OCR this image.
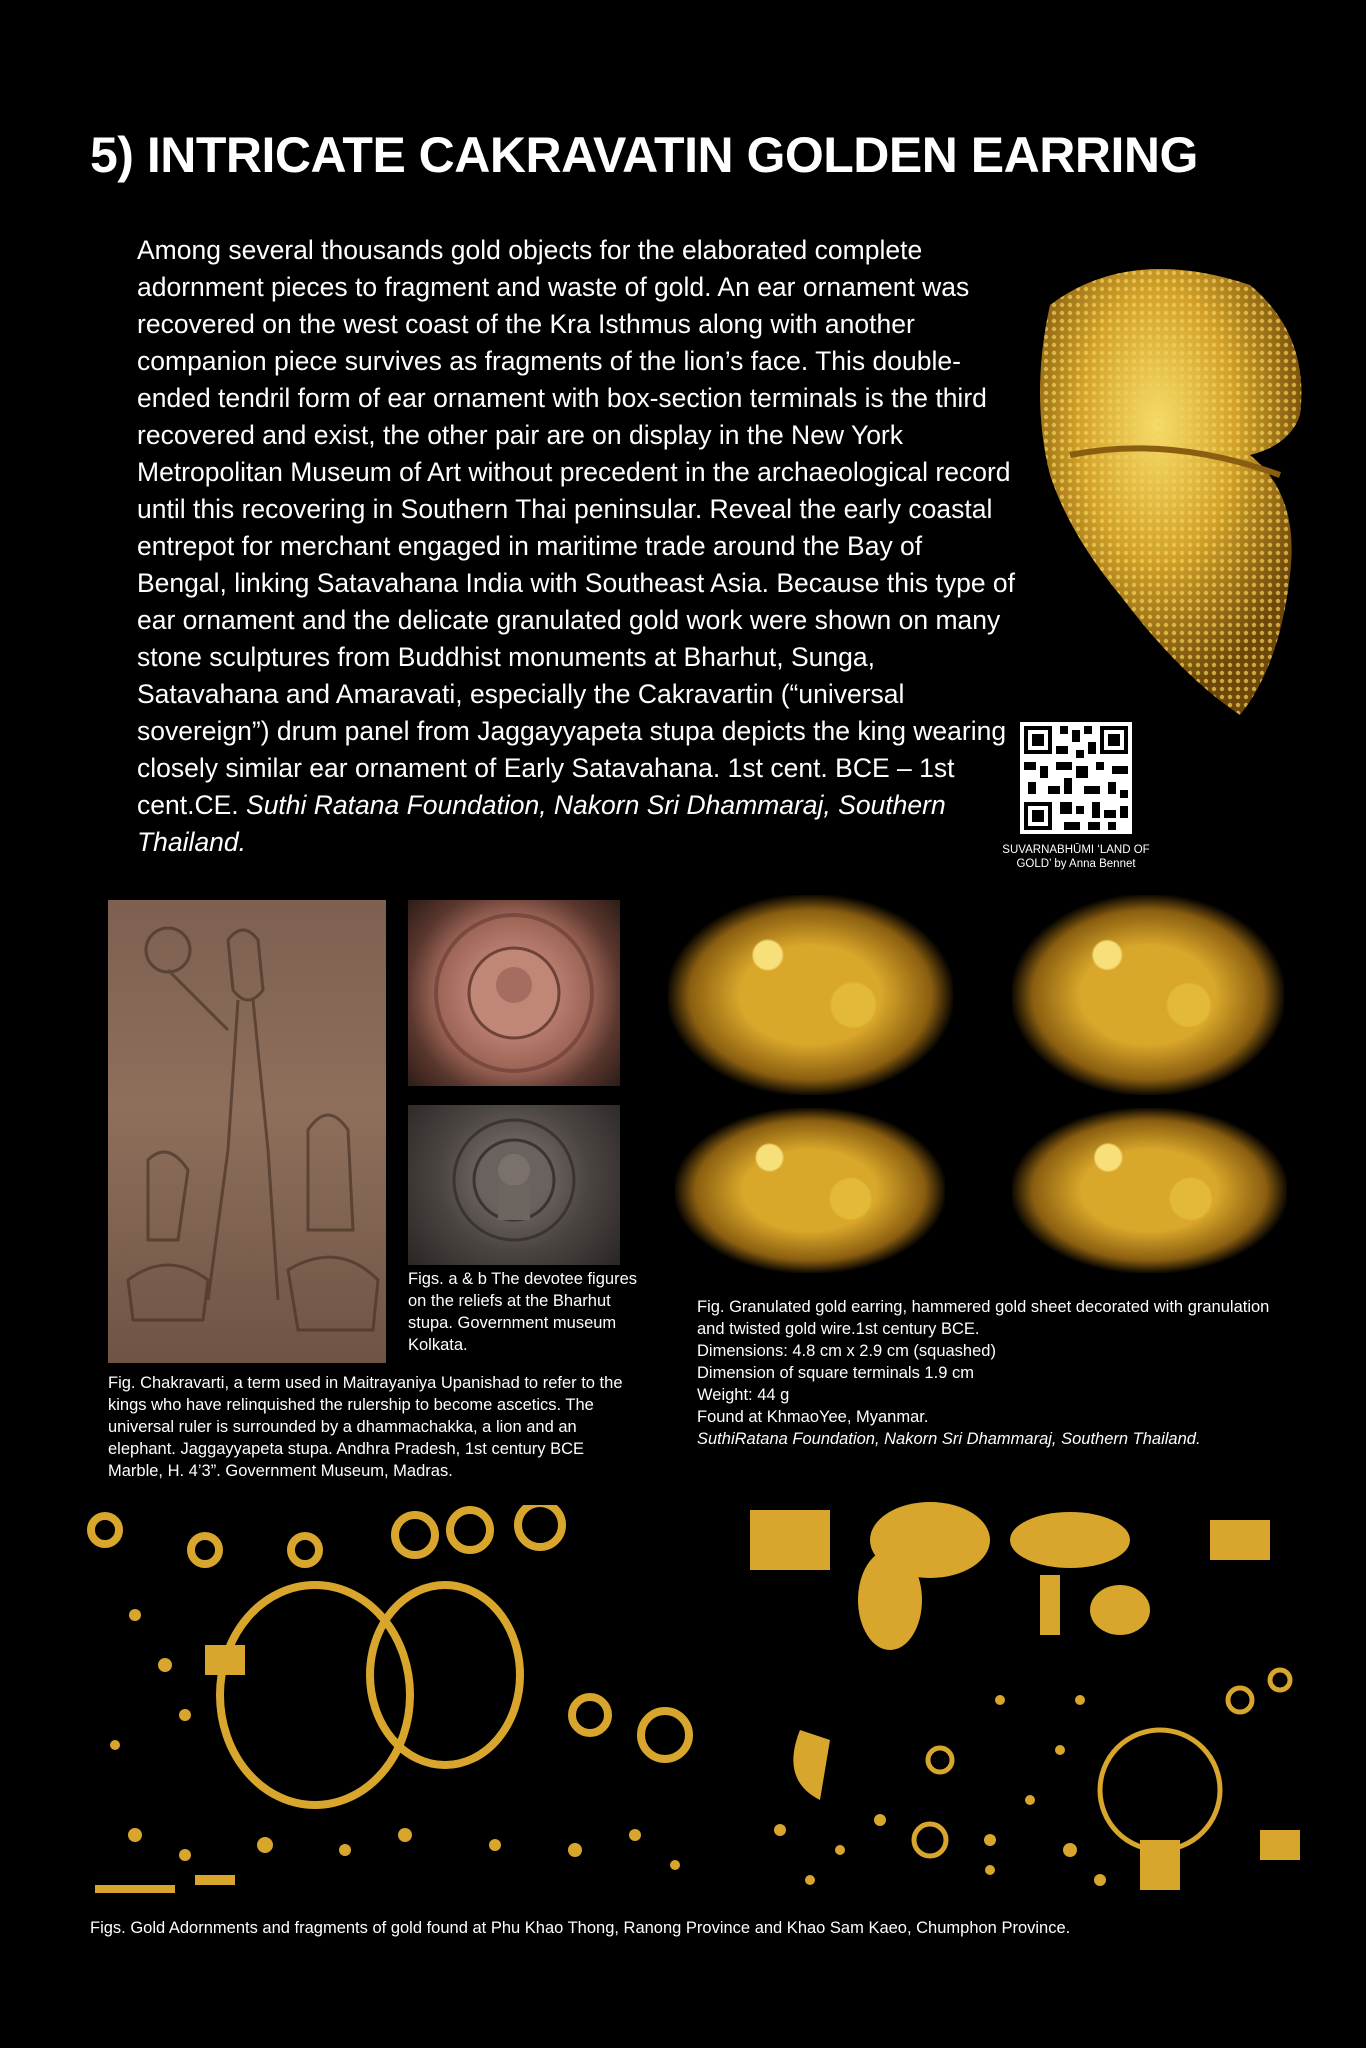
5) INTRICATE CAKRAVATIN GOLDEN EARRING

Among several thousands gold objects for the elaborated complete adornment pieces to fragment and waste of gold. An ear ornament was recovered on the west coast of the Kra Isthmus along with another companion piece survives as fragments of the lion’s face. This double-ended tendril form of ear ornament with box-section terminals is the third recovered and exist, the other pair are on display in the New York Metropolitan Museum of Art without precedent in the archaeological record until this recovering in Southern Thai peninsular. Reveal the early coastal entrepot for merchant engaged in maritime trade around the Bay of Bengal, linking Satavahana India with Southeast Asia. Because this type of ear ornament and the delicate granulated gold work were shown on many stone sculptures from Buddhist monuments at Bharhut, Sunga, Satavahana and Amaravati, especially the Cakravartin (“universal sovereign”) drum panel from Jaggayyapeta stupa depicts the king wearing closely similar ear ornament of Early Satavahana. 1st cent. BCE – 1st cent.CE. Suthi Ratana Foundation, Nakorn Sri Dhammaraj, Southern Thailand.	SUVARNABHŪMI ‘LAND OF GOLD’ by Anna Bennet

Figs. a & b The devotee figures on the reliefs at the Bharhut stupa. Government museum Kolkata.

Fig. Chakravarti, a term used in Maitrayaniya Upanishad to refer to the kings who have relinquished the rulership to become ascetics. The universal ruler is surrounded by a dhammachakka, a lion and an elephant. Jaggayyapeta stupa. Andhra Pradesh, 1st century BCE Marble, H. 4’3”. Government Museum, Madras.

Fig. Granulated gold earring, hammered gold sheet decorated with granulation and twisted gold wire.1st century BCE.
Dimensions: 4.8 cm x 2.9 cm (squashed)
Dimension of square terminals 1.9 cm
Weight: 44 g
Found at KhmaoYee, Myanmar.
SuthiRatana Foundation, Nakorn Sri Dhammaraj, Southern Thailand.

Figs. Gold Adornments and fragments of gold found at Phu Khao Thong, Ranong Province and Khao Sam Kaeo, Chumphon Province.
